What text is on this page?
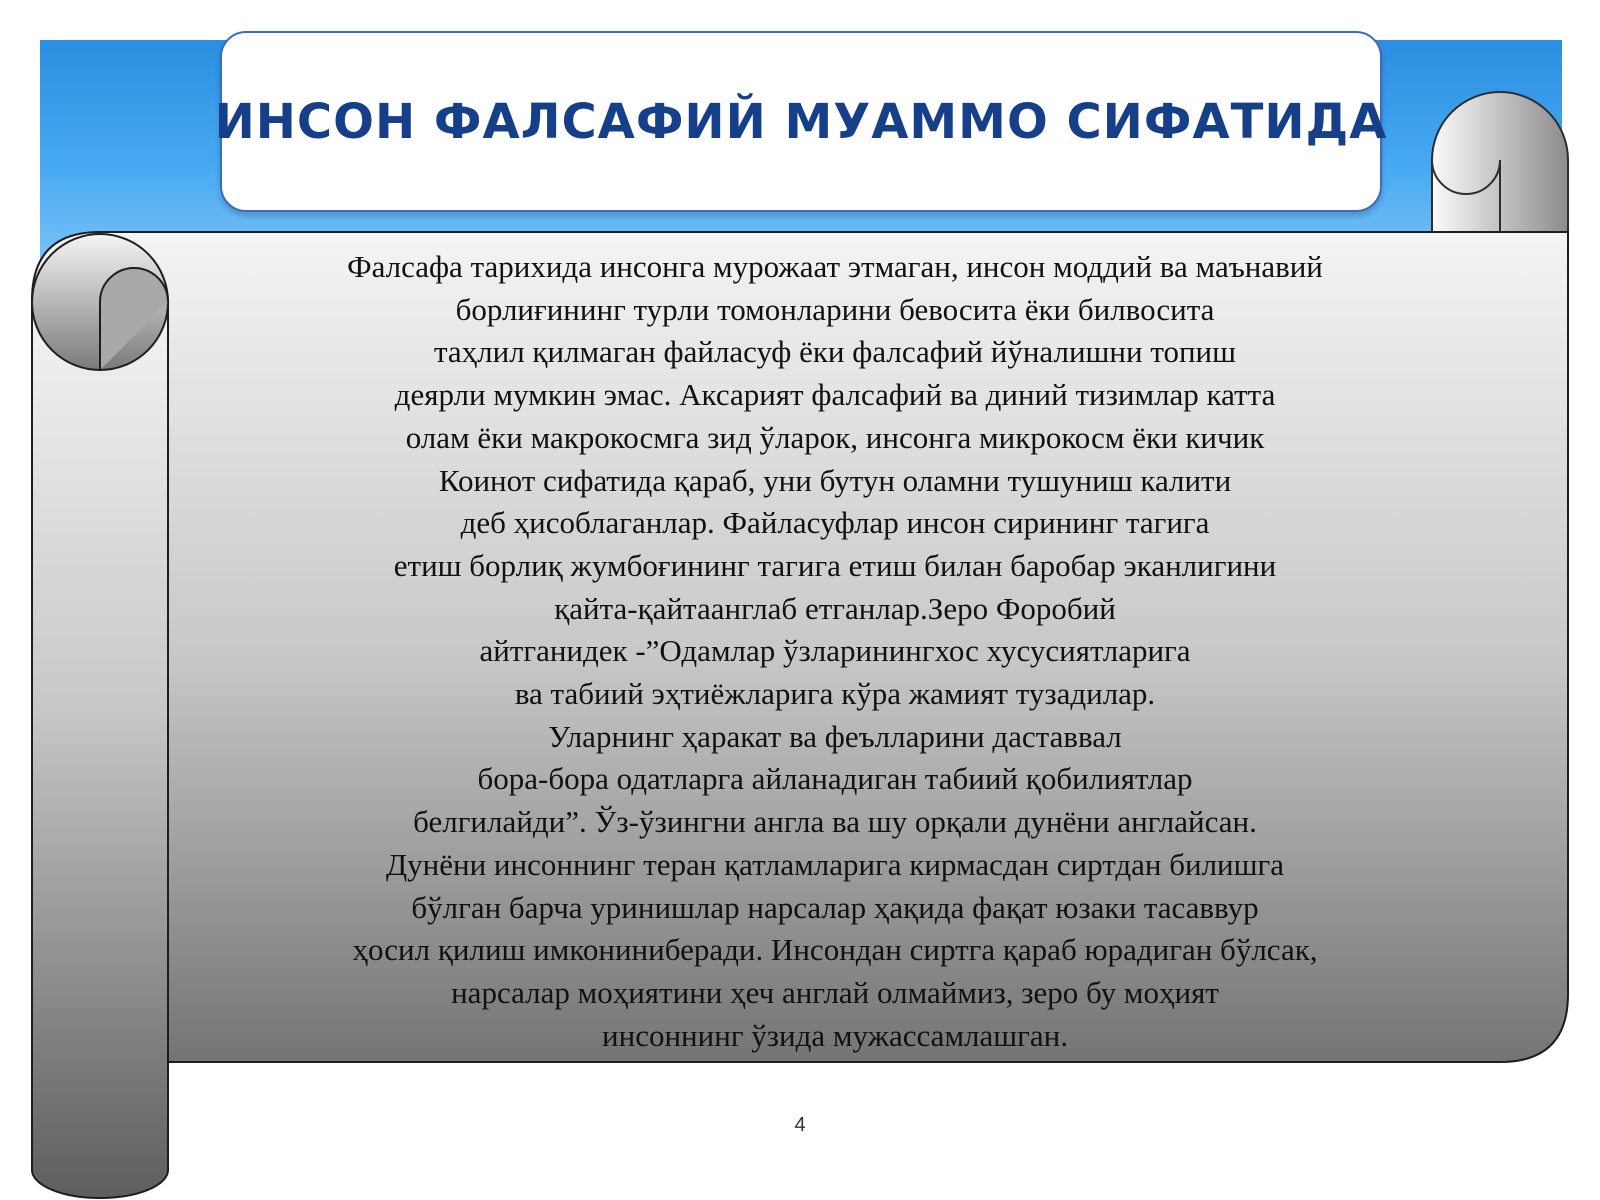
ИНСОН ФАЛСАФИЙ МУАММО СИФАТИДА
Фалсафа тарихида инсонга мурожаат этмаган, инсон моддий ва маънавий
борлиғининг турли томонларини бевосита ёки билвосита
таҳлил қилмаган файласуф ёки фалсафий йўналишни топиш
деярли мумкин эмас. Аксарият фалсафий ва диний тизимлар катта
олам ёки макрокосмга зид ўларок, инсонга микрокосм ёки кичик
Коинот сифатида қараб, уни бутун оламни тушуниш калити
деб ҳисоблаганлар. Файласуфлар инсон сирининг тагига
етиш борлиқ жумбоғининг тагига етиш билан баробар эканлигини
қайта-қайтаанглаб етганлар.Зеро Форобий
айтганидек -”Одамлар ўзларинингхос хусусиятларига
ва табиий эҳтиёжларига кўра жамият тузадилар.
Уларнинг ҳаракат ва феълларини даставвал
бора-бора одатларга айланадиган табиий қобилиятлар
белгилайди”. Ўз-ўзингни англа ва шу орқали дунёни англайсан.
Дунёни инсоннинг теран қатламларига кирмасдан сиртдан билишга
бўлган барча уринишлар нарсалар ҳақида фақат юзаки тасаввур
ҳосил қилиш имкониниберади. Инсондан сиртга қараб юрадиган бўлсак,
нарсалар моҳиятини ҳеч англай олмаймиз, зеро бу моҳият
инсоннинг ўзида мужассамлашган.
4
